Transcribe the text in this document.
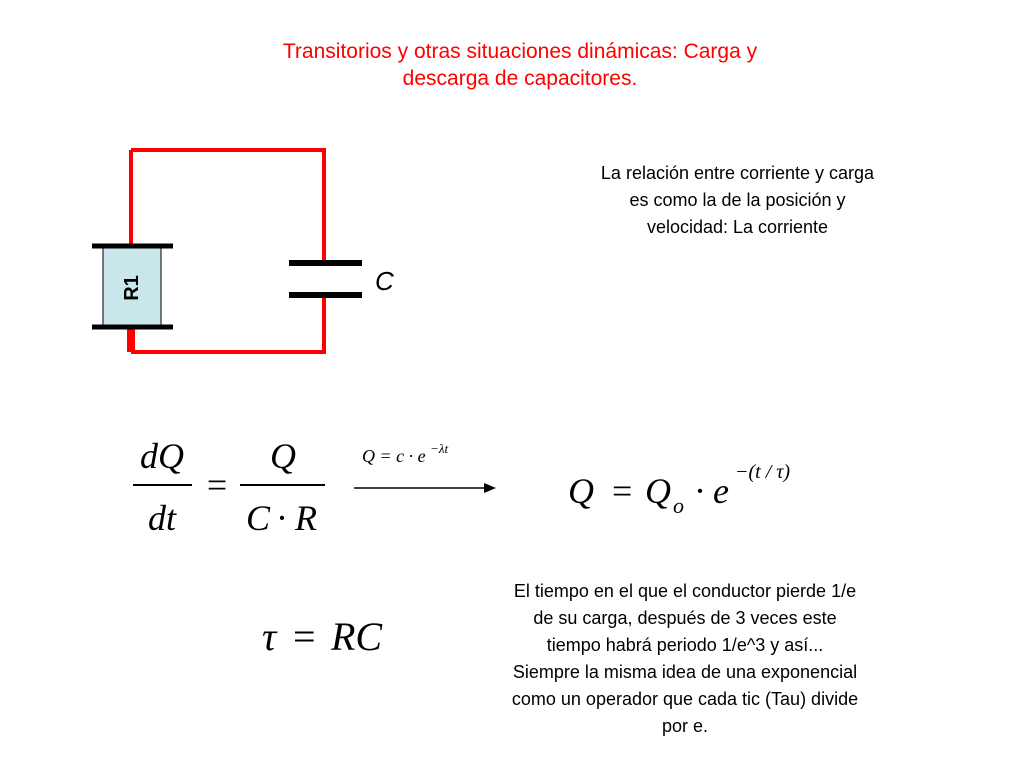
Transitorios y otras situaciones dinámicas: Carga y
descarga de capacitores.
La relación entre corriente y carga
es como la de la posición y
velocidad: La corriente
El tiempo en el que el conductor pierde 1/e
de su carga, después de 3 veces este
tiempo habrá periodo 1/e^3 y así...
Siempre la misma idea de una exponencial
como un operador que cada tic (Tau) divide
por e.
R1	C
dQ
dt
=
Q
C · R
Q = c · e $^{-\lambda t}$
Q = Q o · e −(t / τ)
τ = RC
